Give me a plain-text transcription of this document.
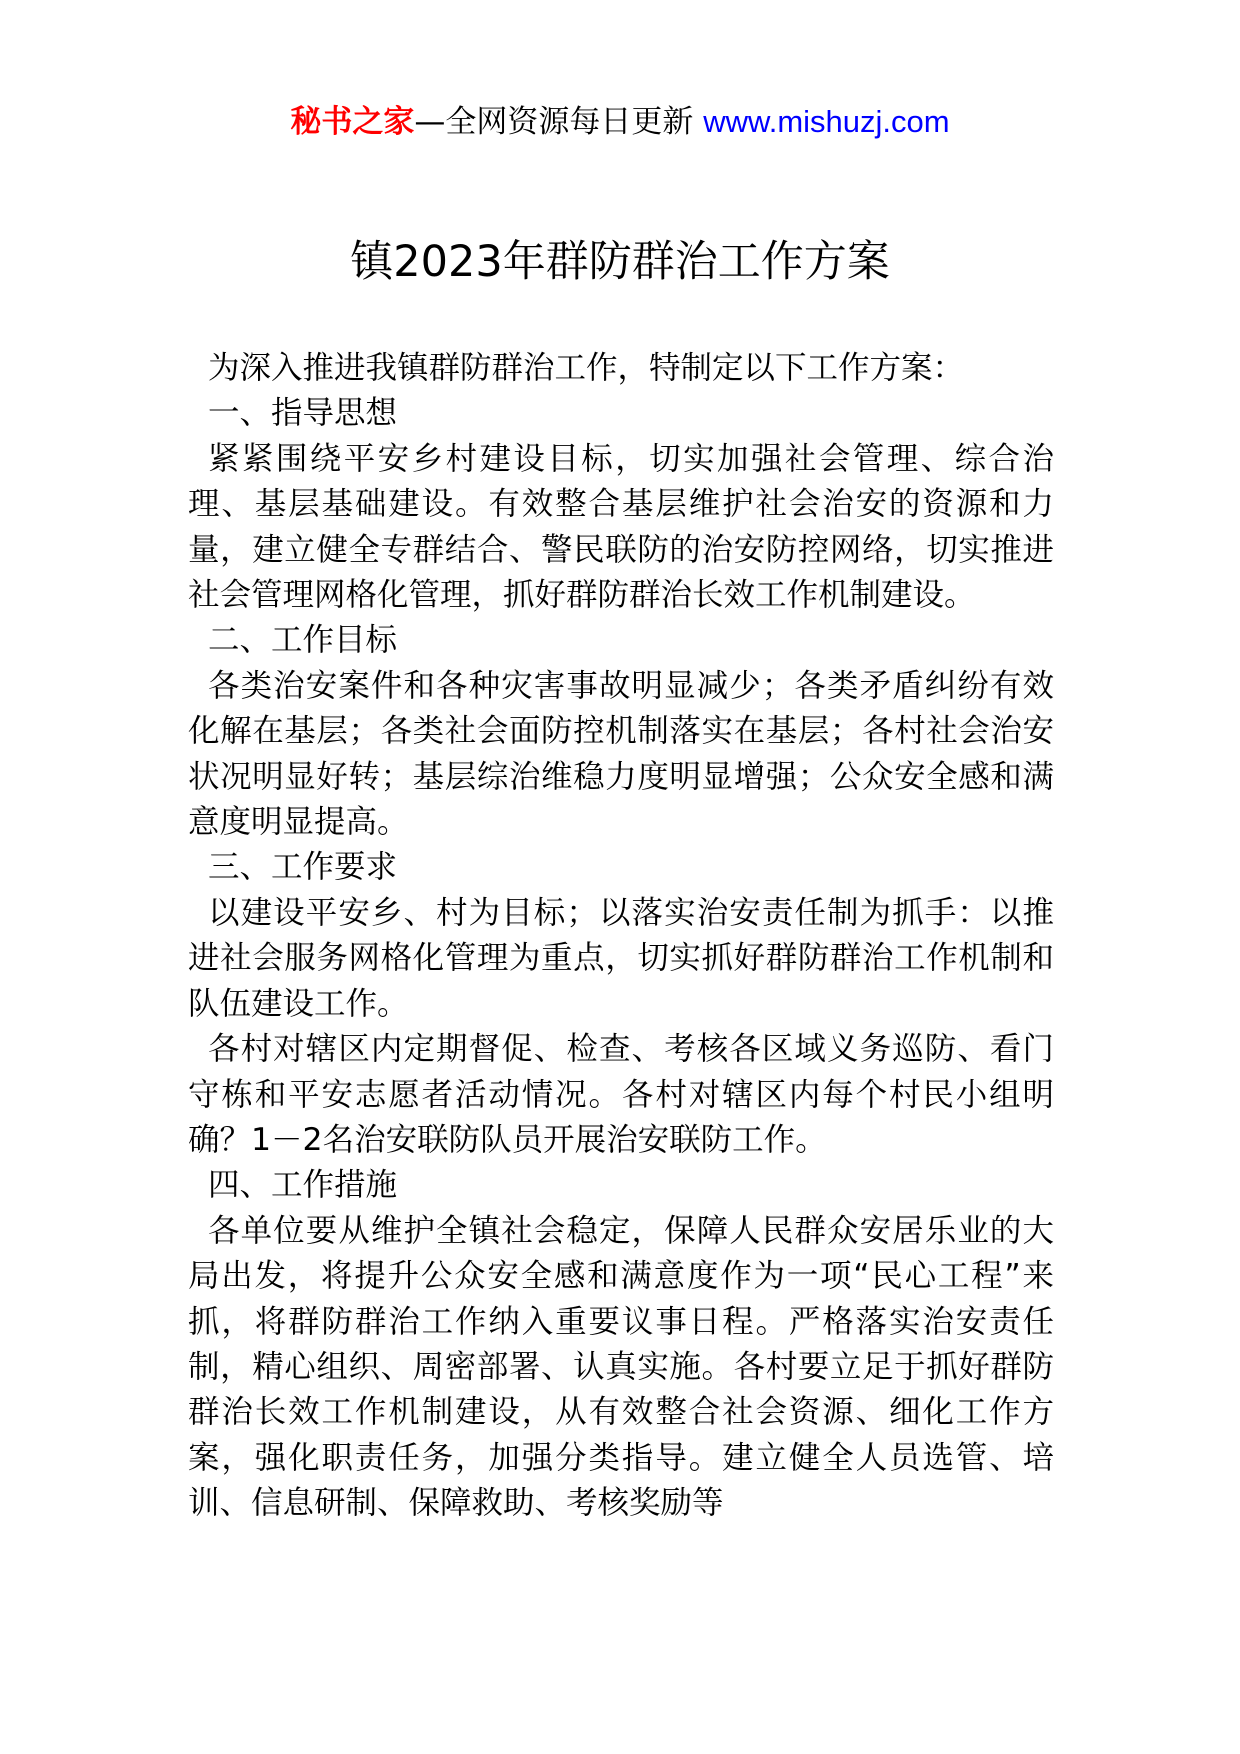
秘书之家—全网资源每日更新 www.mishuzj.com
镇2023年群防群治工作方案

为深入推进我镇群防群治工作，特制定以下工作方案：

一、指导思想

紧紧围绕平安乡村建设目标，切实加强社会管理、综合治理、基层基础建设。有效整合基层维护社会治安的资源和力量，建立健全专群结合、警民联防的治安防控网络，切实推进社会管理网格化管理，抓好群防群治长效工作机制建设。

二、工作目标

各类治安案件和各种灾害事故明显减少；各类矛盾纠纷有效化解在基层；各类社会面防控机制落实在基层；各村社会治安状况明显好转；基层综治维稳力度明显增强；公众安全感和满意度明显提高。

三、工作要求

以建设平安乡、村为目标；以落实治安责任制为抓手：以推进社会服务网格化管理为重点，切实抓好群防群治工作机制和队伍建设工作。

各村对辖区内定期督促、检查、考核各区域义务巡防、看门守栋和平安志愿者活动情况。各村对辖区内每个村民小组明确？1－2名治安联防队员开展治安联防工作。

四、工作措施

各单位要从维护全镇社会稳定，保障人民群众安居乐业的大局出发，将提升公众安全感和满意度作为一项“民心工程”来抓，将群防群治工作纳入重要议事日程。严格落实治安责任制，精心组织、周密部署、认真实施。各村要立足于抓好群防群治长效工作机制建设，从有效整合社会资源、细化工作方案，强化职责任务，加强分类指导。建立健全人员选管、培训、信息研制、保障救助、考核奖励等
